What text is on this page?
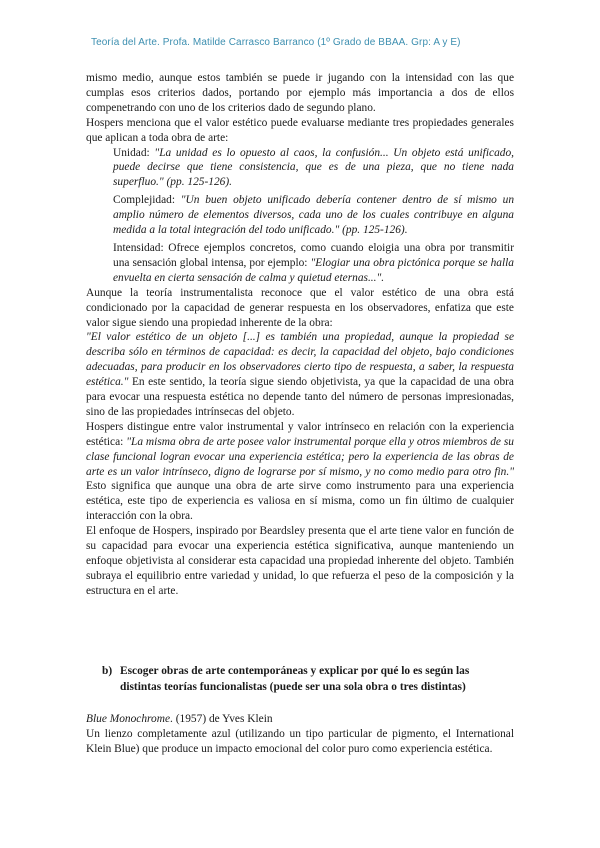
Teoría del Arte. Profa. Matilde Carrasco Barranco (1º Grado de BBAA. Grp: A y E)

mismo medio, aunque estos también se puede ir jugando con la intensidad con las que cumplas esos criterios dados, portando por ejemplo más importancia a dos de ellos compenetrando con uno de los criterios dado de segundo plano.

Hospers menciona que el valor estético puede evaluarse mediante tres propiedades generales que aplican a toda obra de arte:

Unidad: "La unidad es lo opuesto al caos, la confusión... Un objeto está unificado, puede decirse que tiene consistencia, que es de una pieza, que no tiene nada superfluo." (pp. 125-126).

Complejidad: "Un buen objeto unificado debería contener dentro de sí mismo un amplio número de elementos diversos, cada uno de los cuales contribuye en alguna medida a la total integración del todo unificado." (pp. 125-126).

Intensidad: Ofrece ejemplos concretos, como cuando eloigia una obra por transmitir una sensación global intensa, por ejemplo: "Elogiar una obra pictónica porque se halla envuelta en cierta sensación de calma y quietud eternas...".

Aunque la teoría instrumentalista reconoce que el valor estético de una obra está condicionado por la capacidad de generar respuesta en los observadores, enfatiza que este valor sigue siendo una propiedad inherente de la obra:

"El valor estético de un objeto [...] es también una propiedad, aunque la propiedad se describa sólo en términos de capacidad: es decir, la capacidad del objeto, bajo condiciones adecuadas, para producir en los observadores cierto tipo de respuesta, a saber, la respuesta estética." En este sentido, la teoría sigue siendo objetivista, ya que la capacidad de una obra para evocar una respuesta estética no depende tanto del número de personas impresionadas, sino de las propiedades intrínsecas del objeto.

Hospers distingue entre valor instrumental y valor intrínseco en relación con la experiencia estética: "La misma obra de arte posee valor instrumental porque ella y otros miembros de su clase funcional logran evocar una experiencia estética; pero la experiencia de las obras de arte es un valor intrínseco, digno de lograrse por sí mismo, y no como medio para otro fin." Esto significa que aunque una obra de arte sirve como instrumento para una experiencia estética, este tipo de experiencia es valiosa en sí misma, como un fin último de cualquier interacción con la obra.

El enfoque de Hospers, inspirado por Beardsley presenta que el arte tiene valor en función de su capacidad para evocar una experiencia estética significativa, aunque manteniendo un enfoque objetivista al considerar esta capacidad una propiedad inherente del objeto. También subraya el equilibrio entre variedad y unidad, lo que refuerza el peso de la composición y la estructura en el arte.

b) Escoger obras de arte contemporáneas y explicar por qué lo es según las
distintas teorías funcionalistas (puede ser una sola obra o tres distintas)

Blue Monochrome. (1957) de Yves Klein

Un lienzo completamente azul (utilizando un tipo particular de pigmento, el International Klein Blue) que produce un impacto emocional del color puro como experiencia estética.
